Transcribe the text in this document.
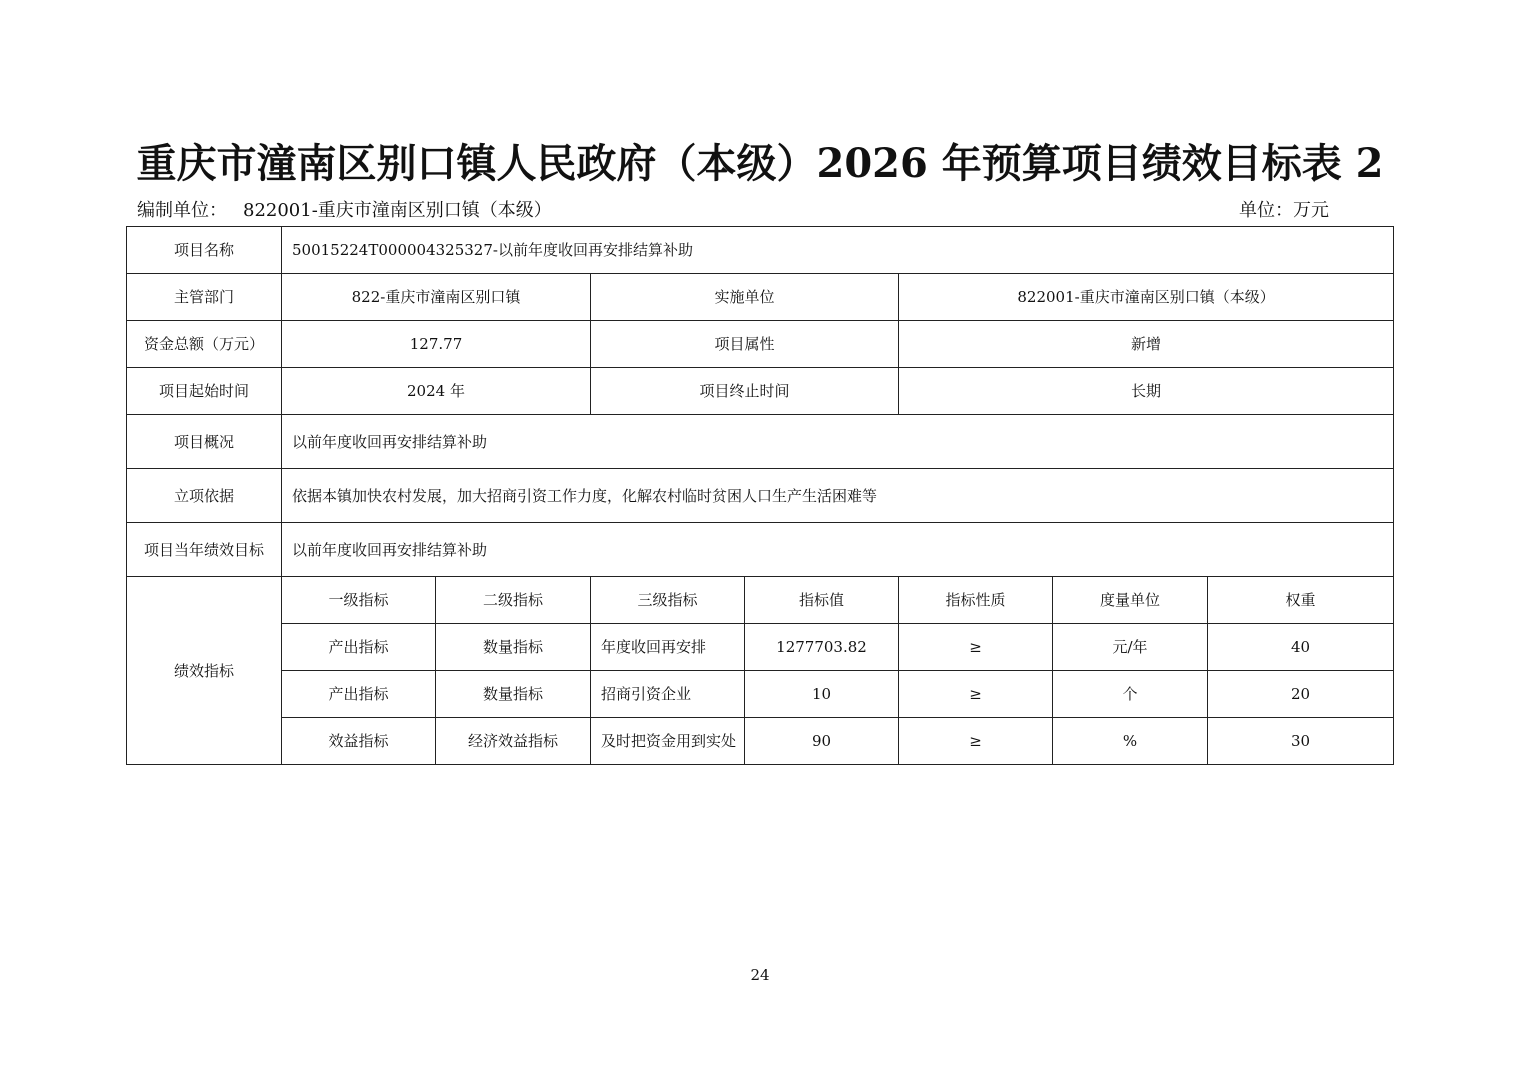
重庆市潼南区别口镇人民政府（本级）2026 年预算项目绩效目标表 2
编制单位： 822001-重庆市潼南区别口镇（本级）	单位：万元
项目名称	50015224T000004325327-以前年度收回再安排结算补助						
主管部门	822-重庆市潼南区别口镇		实施单位		822001-重庆市潼南区别口镇（本级）		
资金总额（万元）	127.77		项目属性		新增		
项目起始时间	2024 年		项目终止时间		长期		
项目概况	以前年度收回再安排结算补助						
立项依据	依据本镇加快农村发展，加大招商引资工作力度，化解农村临时贫困人口生产生活困难等						
项目当年绩效目标	以前年度收回再安排结算补助						
绩效指标	一级指标	二级指标	三级指标	指标值	指标性质	度量单位	权重
	产出指标	数量指标	年度收回再安排	1277703.82	≥	元/年	40
	产出指标	数量指标	招商引资企业	10	≥	个	20
	效益指标	经济效益指标	及时把资金用到实处	90	≥	%	30
24
